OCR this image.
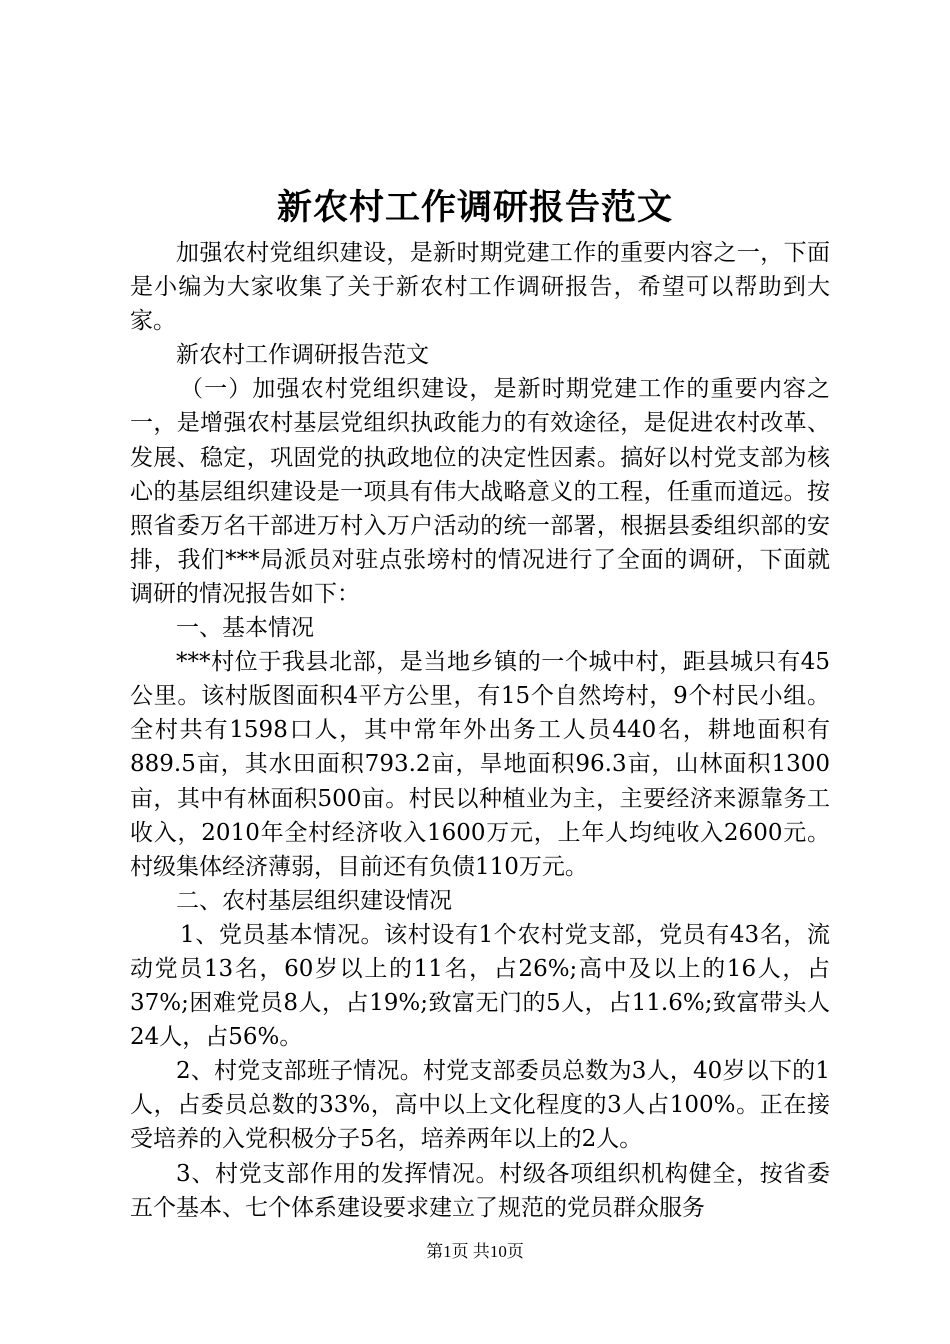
新农村工作调研报告范文

加强农村党组织建设，是新时期党建工作的重要内容之一，下面是小编为大家收集了关于新农村工作调研报告，希望可以帮助到大家。

新农村工作调研报告范文

（一）加强农村党组织建设，是新时期党建工作的重要内容之一，是增强农村基层党组织执政能力的有效途径，是促进农村改革、发展、稳定，巩固党的执政地位的决定性因素。搞好以村党支部为核心的基层组织建设是一项具有伟大战略意义的工程，任重而道远。按照省委万名干部进万村入万户活动的统一部署，根据县委组织部的安排，我们***局派员对驻点张塝村的情况进行了全面的调研，下面就调研的情况报告如下：

一、基本情况

***村位于我县北部，是当地乡镇的一个城中村，距县城只有45公里。该村版图面积4平方公里，有15个自然垮村，9个村民小组。全村共有1598口人，其中常年外出务工人员440名，耕地面积有889.5亩，其水田面积793.2亩，旱地面积96.3亩，山林面积1300亩，其中有林面积500亩。村民以种植业为主，主要经济来源靠务工收入，2010年全村经济收入1600万元，上年人均纯收入2600元。村级集体经济薄弱，目前还有负债110万元。

二、农村基层组织建设情况

1、党员基本情况。该村设有1个农村党支部，党员有43名，流动党员13名，60岁以上的11名，占26%;高中及以上的16人，占37%;困难党员8人，占19%;致富无门的5人，占11.6%;致富带头人24人，占56%。

2、村党支部班子情况。村党支部委员总数为3人，40岁以下的1人，占委员总数的33%，高中以上文化程度的3人占100%。正在接受培养的入党积极分子5名，培养两年以上的2人。

3、村党支部作用的发挥情况。村级各项组织机构健全，按省委五个基本、七个体系建设要求建立了规范的党员群众服务

第1页 共10页
